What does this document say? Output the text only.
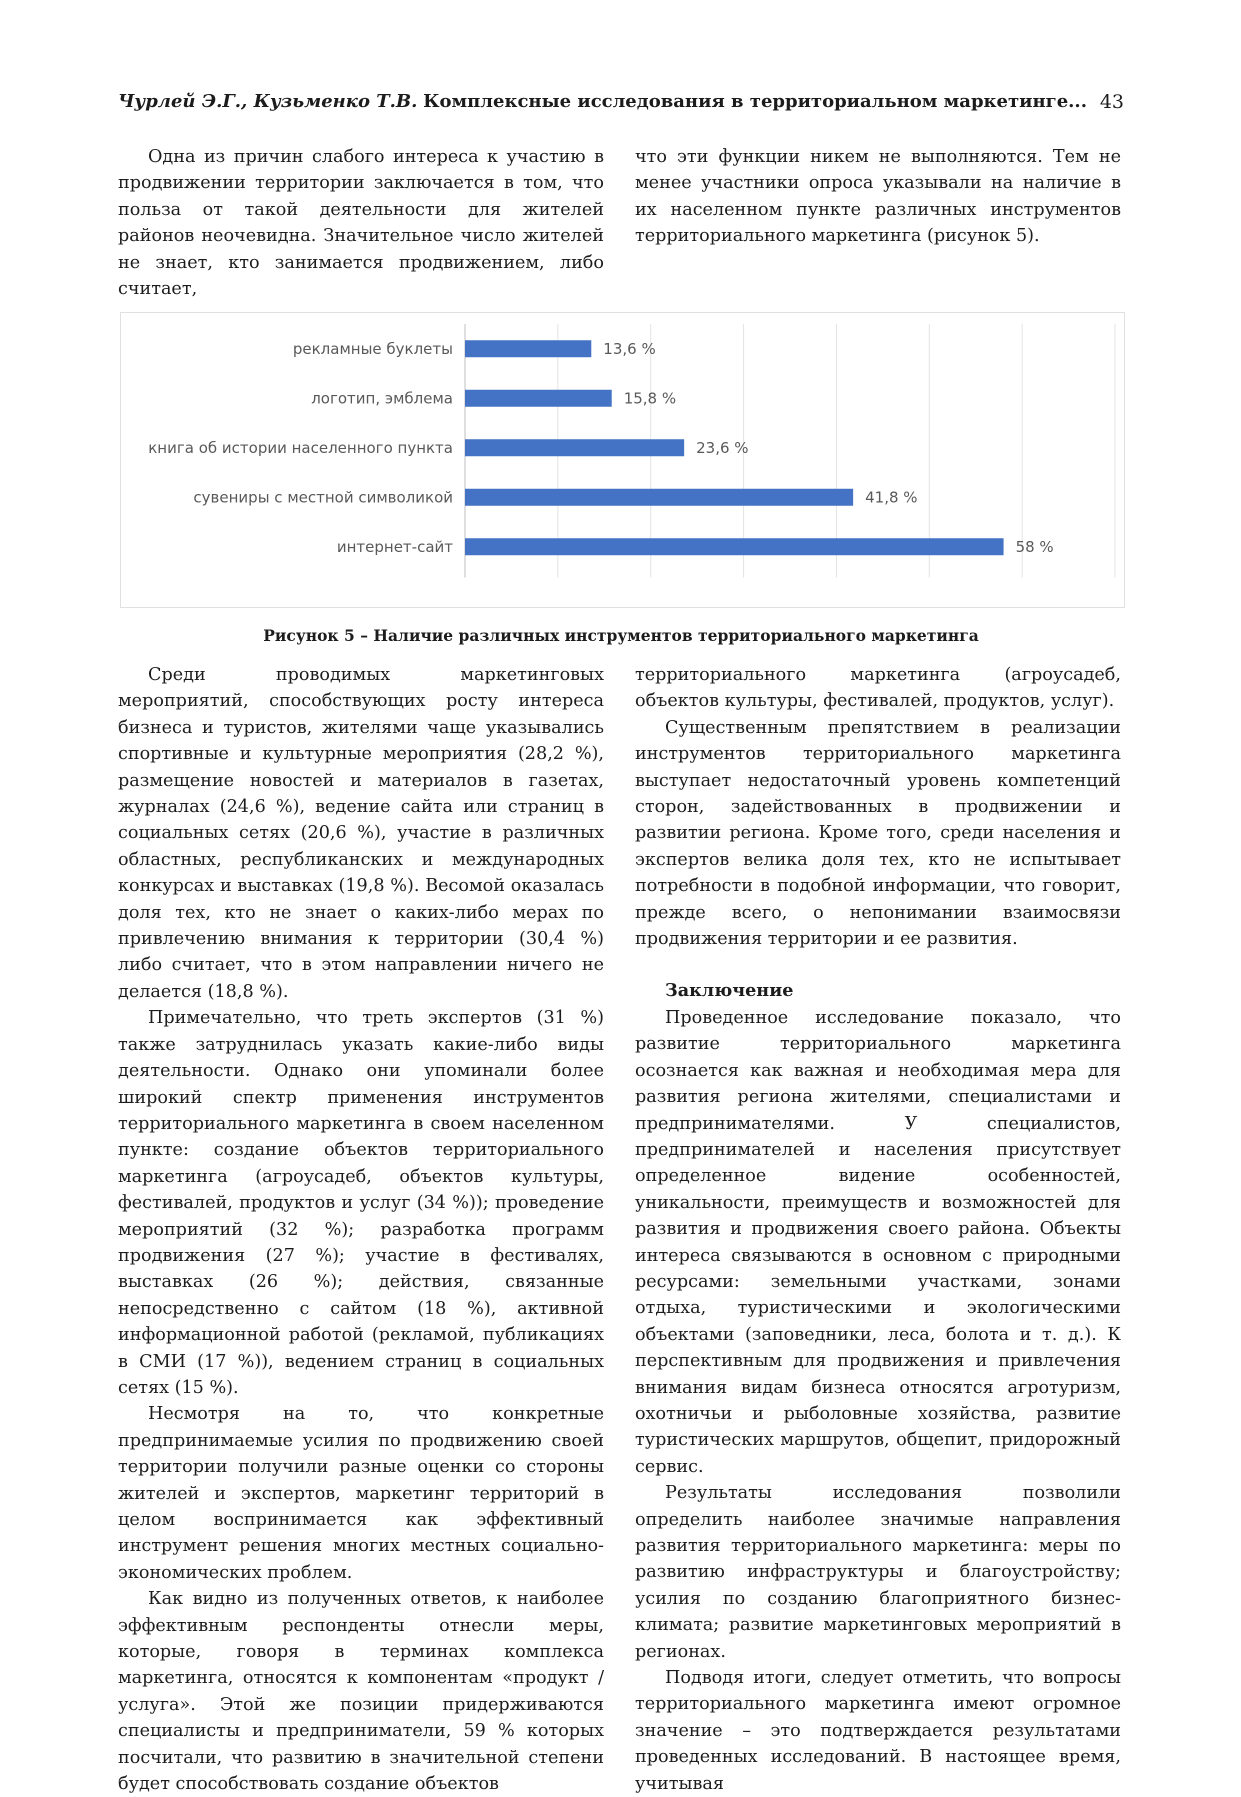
Чурлей Э.Г., Кузьменко Т.В. Комплексные исследования в территориальном маркетинге... 43

Одна из причин слабого интереса к участию в продвижении территории заключается в том, что польза от такой деятельности для жителей районов неочевидна. Значительное число жителей не знает, кто занимается продвижением, либо считает,

что эти функции никем не выполняются. Тем не менее участники опроса указывали на наличие в их населенном пункте различных инструментов территориального маркетинга (рисунок 5).

рекламные буклеты	13,6 %
логотип, эмблема	15,8 %
книга об истории населенного пункта	23,6 %
сувениры с местной символикой	41,8 %
интернет-сайт	58 %
Рисунок 5 – Наличие различных инструментов территориального маркетинга

Среди проводимых маркетинговых мероприятий, способствующих росту интереса бизнеса и туристов, жителями чаще указывались спортивные и культурные мероприятия (28,2 %), размещение новостей и материалов в газетах, журналах (24,6 %), ведение сайта или страниц в социальных сетях (20,6 %), участие в различных областных, республиканских и международных конкурсах и выставках (19,8 %). Весомой оказалась доля тех, кто не знает о каких-либо мерах по привлечению внимания к территории (30,4 %) либо считает, что в этом направлении ничего не делается (18,8 %).

Примечательно, что треть экспертов (31 %) также затруднилась указать какие-либо виды деятельности. Однако они упоминали более широкий спектр применения инструментов территориального маркетинга в своем населенном пункте: создание объектов территориального маркетинга (агроусадеб, объектов культуры, фестивалей, продуктов и услуг (34 %)); проведение мероприятий (32 %); разработка программ продвижения (27 %); участие в фестивалях, выставках (26 %); действия, связанные непосредственно с сайтом (18 %), активной информационной работой (рекламой, публикациях в СМИ (17 %)), ведением страниц в социальных сетях (15 %).

Несмотря на то, что конкретные предпринимаемые усилия по продвижению своей территории получили разные оценки со стороны жителей и экспертов, маркетинг территорий в целом воспринимается как эффективный инструмент решения многих местных социально-экономических проблем.

Как видно из полученных ответов, к наиболее эффективным респонденты отнесли меры, которые, говоря в терминах комплекса маркетинга, относятся к компонентам «продукт / услуга». Этой же позиции придерживаются специалисты и предприниматели, 59 % которых посчитали, что развитию в значительной степени будет способствовать создание объектов

территориального маркетинга (агроусадеб, объектов культуры, фестивалей, продуктов, услуг).

Существенным препятствием в реализации инструментов территориального маркетинга выступает недостаточный уровень компетенций сторон, задействованных в продвижении и развитии региона. Кроме того, среди населения и экспертов велика доля тех, кто не испытывает потребности в подобной информации, что говорит, прежде всего, о непонимании взаимосвязи продвижения территории и ее развития.

Заключение

Проведенное исследование показало, что развитие территориального маркетинга осознается как важная и необходимая мера для развития региона жителями, специалистами и предпринимателями. У специалистов, предпринимателей и населения присутствует определенное видение особенностей, уникальности, преимуществ и возможностей для развития и продвижения своего района. Объекты интереса связываются в основном с природными ресурсами: земельными участками, зонами отдыха, туристическими и экологическими объектами (заповедники, леса, болота и т. д.). К перспективным для продвижения и привлечения внимания видам бизнеса относятся агротуризм, охотничьи и рыболовные хозяйства, развитие туристических маршрутов, общепит, придорожный сервис.

Результаты исследования позволили определить наиболее значимые направления развития территориального маркетинга: меры по развитию инфраструктуры и благоустройству; усилия по созданию благоприятного бизнес-климата; развитие маркетинговых мероприятий в регионах.

Подводя итоги, следует отметить, что вопросы территориального маркетинга имеют огромное значение – это подтверждается результатами проведенных исследований. В настоящее время, учитывая
